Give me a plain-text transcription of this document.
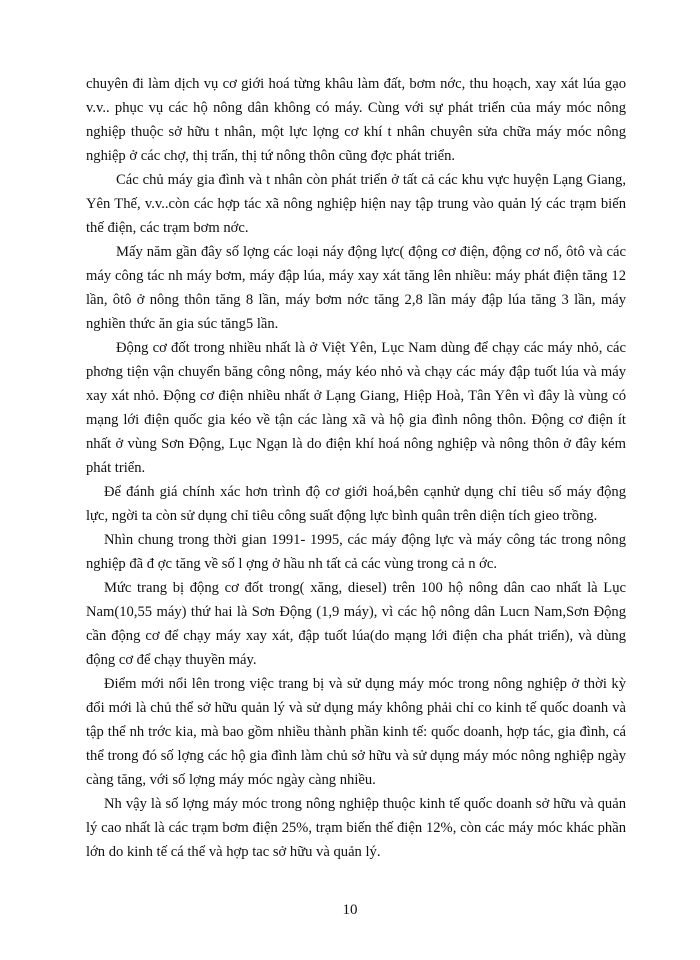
chuyên đi làm dịch vụ cơ giới hoá từng khâu làm đất, bơm nớc, thu hoạch, xay xát lúa gạo v.v.. phục vụ các hộ nông dân không có máy. Cùng với sự phát triển của máy móc nông nghiệp thuộc sở hữu t nhân, một lực lợng cơ khí t nhân chuyên sửa chữa máy móc nông nghiệp ở các chợ, thị trấn, thị tứ nông thôn cũng đợc phát triển.

Các chủ máy gia đình và t nhân còn phát triển ở tất cả các khu vực huyện Lạng Giang, Yên Thế, v.v..còn các hợp tác xã nông nghiệp hiện nay tập trung vào quản lý các trạm biến thế điện, các trạm bơm nớc.

Mấy năm gần đây số lợng các loại náy động lực( động cơ điện, động cơ nổ, ôtô và các máy công tác nh máy bơm, máy đập lúa, máy xay xát tăng lên nhiều: máy phát điện tăng 12 lần, ôtô ở nông thôn tăng 8 lần, máy bơm nớc tăng 2,8 lần máy đập lúa tăng 3 lần, máy nghiền thức ăn gia súc tăng5 lần.

Động cơ đốt trong nhiều nhất là ở Việt Yên, Lục Nam dùng để chạy các máy nhỏ, các phơng tiện vận chuyển băng công nông, máy kéo nhỏ và chạy các máy đập tuốt lúa và máy xay xát nhỏ. Động cơ điện nhiều nhất ở Lạng Giang, Hiệp Hoà, Tân Yên vì đây là vùng có mạng lới điện quốc gia kéo về tận các làng xã và hộ gia đình nông thôn. Động cơ điện ít nhất ở vùng Sơn Động, Lục Ngạn là do điện khí hoá nông nghiệp và nông thôn ở đây kém phát triển.

Để đánh giá chính xác hơn trình độ cơ giới hoá,bên cạnhử dụng chỉ tiêu số máy động lực, ngời ta còn sử dụng chỉ tiêu công suất động lực bình quân trên diện tích gieo trồng.

Nhìn chung trong thời gian 1991- 1995, các máy động lực và máy công tác trong nông nghiệp đã đ ợc tăng về số l ợng ở hầu nh tất cả các vùng trong cả n ớc.

Mức trang bị động cơ đốt trong( xăng, diesel) trên 100 hộ nông dân cao nhất là Lục Nam(10,55 máy) thứ hai là Sơn Động (1,9 máy), vì các hộ nông dân Lucn Nam,Sơn Động cần động cơ để chạy máy xay xát, đập tuốt lúa(do mạng lới điện cha phát triển), và dùng động cơ để chạy thuyền máy.

Điểm mới nổi lên trong việc trang bị và sử dụng máy móc trong nông nghiệp ở thời kỳ đổi mới là chủ thể sở hữu quản lý và sử dụng máy không phải chỉ co kinh tế quốc doanh và tập thể nh trớc kia, mà bao gồm nhiều thành phần kinh tế: quốc doanh, hợp tác, gia đình, cá thể trong đó số lợng các hộ gia đình làm chủ sở hữu và sử dụng máy móc nông nghiệp ngày càng tăng, với số lợng máy móc ngày càng nhiều.

Nh vậy là số lợng máy móc trong nông nghiệp thuộc kinh tế quốc doanh sở hữu và quản lý cao nhất là các trạm bơm điện 25%, trạm biến thế điện 12%, còn các máy móc khác phần lớn do kinh tế cá thể và hợp tac sở hữu và quản lý.

10
